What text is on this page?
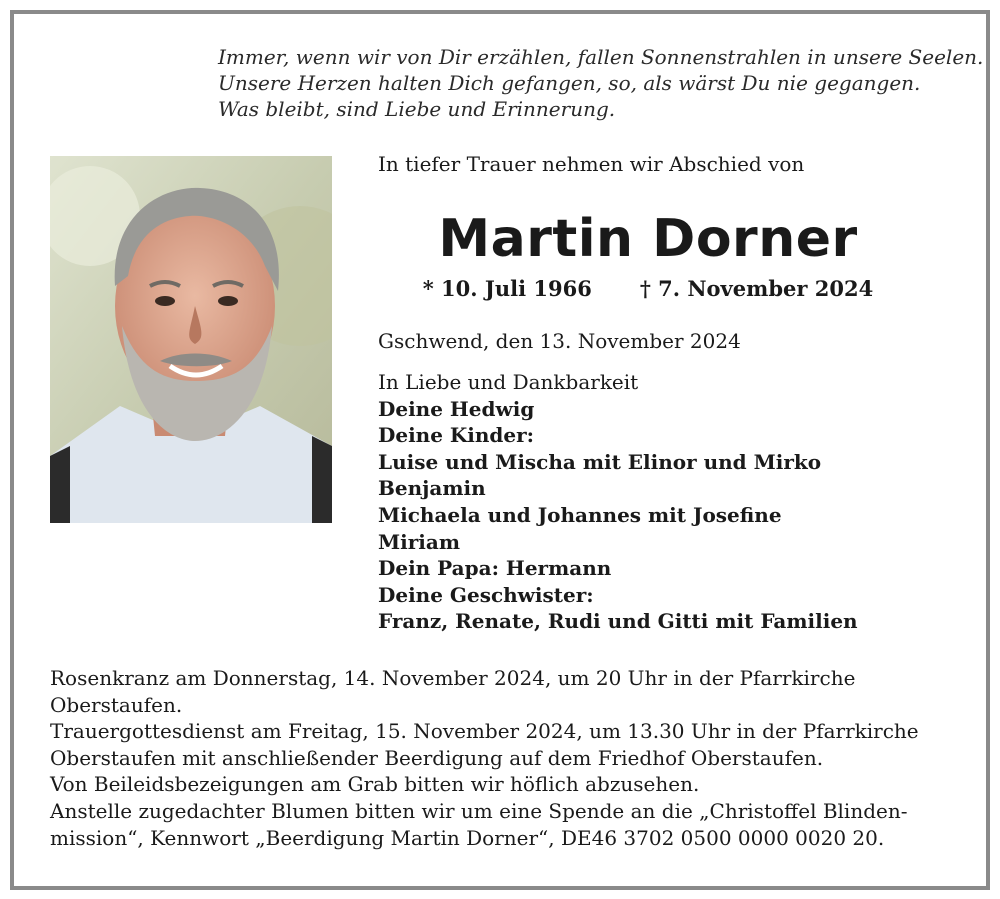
Immer, wenn wir von Dir erzählen, fallen Sonnenstrahlen in unsere Seelen.
Unsere Herzen halten Dich gefangen, so, als wärst Du nie gegangen.
Was bleibt, sind Liebe und Erinnerung.
In tiefer Trauer nehmen wir Abschied von
Martin Dorner
* 10. Juli 1966 † 7. November 2024
Gschwend, den 13. November 2024
In Liebe und Dankbarkeit
Deine Hedwig
Deine Kinder:
Luise und Mischa mit Elinor und Mirko
Benjamin
Michaela und Johannes mit Josefine
Miriam
Dein Papa: Hermann
Deine Geschwister:
Franz, Renate, Rudi und Gitti mit Familien
Rosenkranz am Donnerstag, 14. November 2024, um 20 Uhr in der Pfarrkirche
Oberstaufen.
Trauergottesdienst am Freitag, 15. November 2024, um 13.30 Uhr in der Pfarrkirche
Oberstaufen mit anschließender Beerdigung auf dem Friedhof Oberstaufen.
Von Beileidsbezeigungen am Grab bitten wir höflich abzusehen.
Anstelle zugedachter Blumen bitten wir um eine Spende an die „Christoffel Blinden-
mission“, Kennwort „Beerdigung Martin Dorner“, DE46 3702 0500 0000 0020 20.
